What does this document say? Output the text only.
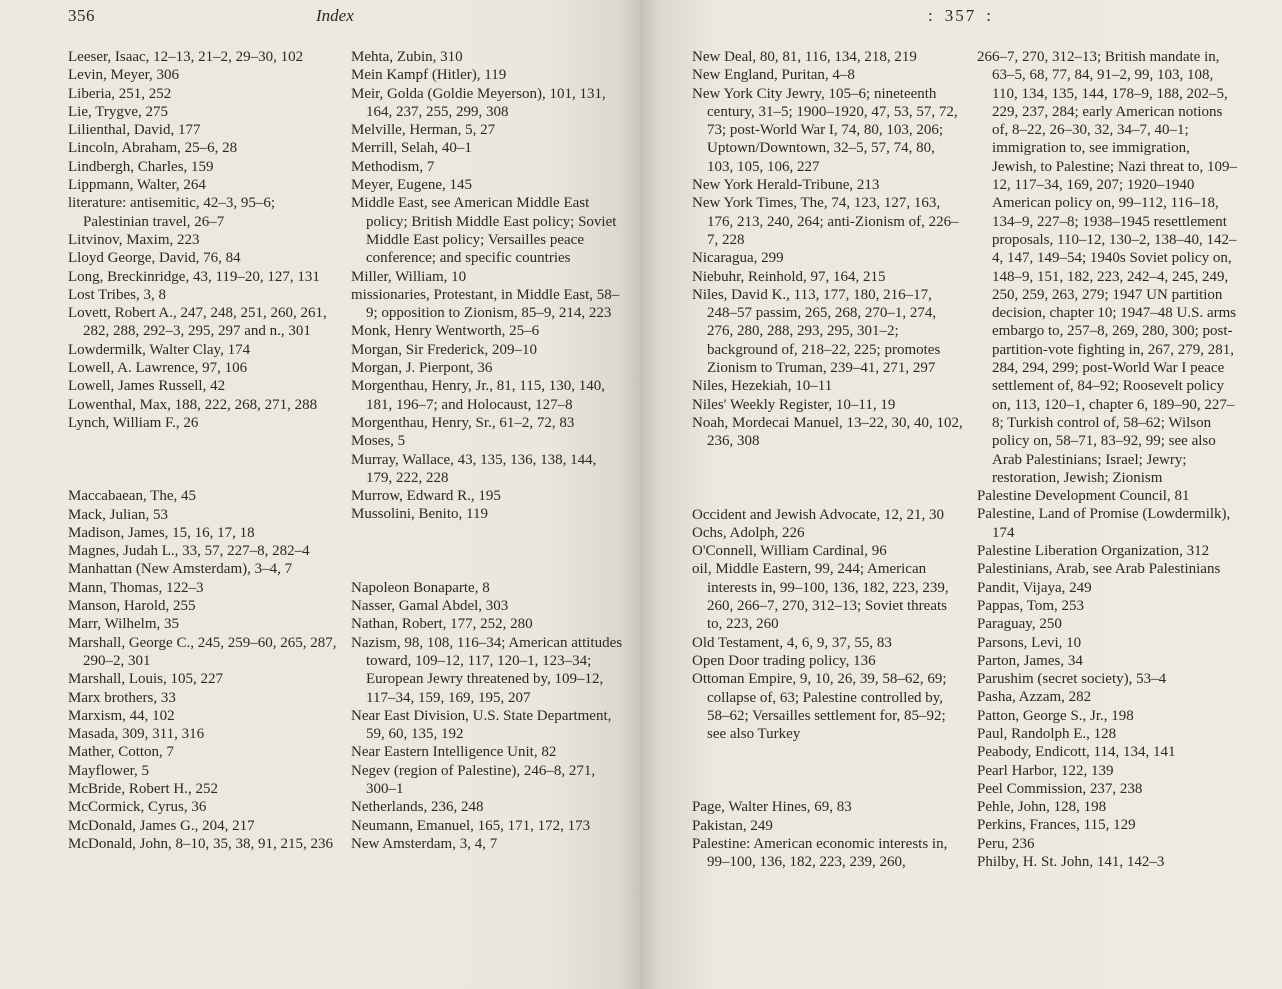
356	Index
Leeser, Isaac, 12–13, 21–2, 29–30, 102
Levin, Meyer, 306
Liberia, 251, 252
Lie, Trygve, 275
Lilienthal, David, 177
Lincoln, Abraham, 25–6, 28
Lindbergh, Charles, 159
Lippmann, Walter, 264
literature: antisemitic, 42–3, 95–6; Palestinian travel, 26–7
Litvinov, Maxim, 223
Lloyd George, David, 76, 84
Long, Breckinridge, 43, 119–20, 127, 131
Lost Tribes, 3, 8
Lovett, Robert A., 247, 248, 251, 260, 261, 282, 288, 292–3, 295, 297 and n., 301
Lowdermilk, Walter Clay, 174
Lowell, A. Lawrence, 97, 106
Lowell, James Russell, 42
Lowenthal, Max, 188, 222, 268, 271, 288
Lynch, William F., 26
Maccabaean, The, 45
Mack, Julian, 53
Madison, James, 15, 16, 17, 18
Magnes, Judah L., 33, 57, 227–8, 282–4
Manhattan (New Amsterdam), 3–4, 7
Mann, Thomas, 122–3
Manson, Harold, 255
Marr, Wilhelm, 35
Marshall, George C., 245, 259–60, 265, 287, 290–2, 301
Marshall, Louis, 105, 227
Marx brothers, 33
Marxism, 44, 102
Masada, 309, 311, 316
Mather, Cotton, 7
Mayflower, 5
McBride, Robert H., 252
McCormick, Cyrus, 36
McDonald, James G., 204, 217
McDonald, John, 8–10, 35, 38, 91, 215, 236
Mehta, Zubin, 310
Mein Kampf (Hitler), 119
Meir, Golda (Goldie Meyerson), 101, 131, 164, 237, 255, 299, 308
Melville, Herman, 5, 27
Merrill, Selah, 40–1
Methodism, 7
Meyer, Eugene, 145
Middle East, see American Middle East policy; British Middle East policy; Soviet Middle East policy; Versailles peace conference; and specific countries
Miller, William, 10
missionaries, Protestant, in Middle East, 58–9; opposition to Zionism, 85–9, 214, 223
Monk, Henry Wentworth, 25–6
Morgan, Sir Frederick, 209–10
Morgan, J. Pierpont, 36
Morgenthau, Henry, Jr., 81, 115, 130, 140, 181, 196–7; and Holocaust, 127–8
Morgenthau, Henry, Sr., 61–2, 72, 83
Moses, 5
Murray, Wallace, 43, 135, 136, 138, 144, 179, 222, 228
Murrow, Edward R., 195
Mussolini, Benito, 119
Napoleon Bonaparte, 8
Nasser, Gamal Abdel, 303
Nathan, Robert, 177, 252, 280
Nazism, 98, 108, 116–34; American attitudes toward, 109–12, 117, 120–1, 123–34; European Jewry threatened by, 109–12, 117–34, 159, 169, 195, 207
Near East Division, U.S. State Department, 59, 60, 135, 192
Near Eastern Intelligence Unit, 82
Negev (region of Palestine), 246–8, 271, 300–1
Netherlands, 236, 248
Neumann, Emanuel, 165, 171, 172, 173
New Amsterdam, 3, 4, 7
: 357 :
New Deal, 80, 81, 116, 134, 218, 219
New England, Puritan, 4–8
New York City Jewry, 105–6; nineteenth century, 31–5; 1900–1920, 47, 53, 57, 72, 73; post-World War I, 74, 80, 103, 206; Uptown/Downtown, 32–5, 57, 74, 80, 103, 105, 106, 227
New York Herald-Tribune, 213
New York Times, The, 74, 123, 127, 163, 176, 213, 240, 264; anti-Zionism of, 226–7, 228
Nicaragua, 299
Niebuhr, Reinhold, 97, 164, 215
Niles, David K., 113, 177, 180, 216–17, 248–57 passim, 265, 268, 270–1, 274, 276, 280, 288, 293, 295, 301–2; background of, 218–22, 225; promotes Zionism to Truman, 239–41, 271, 297
Niles, Hezekiah, 10–11
Niles' Weekly Register, 10–11, 19
Noah, Mordecai Manuel, 13–22, 30, 40, 102, 236, 308
Occident and Jewish Advocate, 12, 21, 30
Ochs, Adolph, 226
O'Connell, William Cardinal, 96
oil, Middle Eastern, 99, 244; American interests in, 99–100, 136, 182, 223, 239, 260, 266–7, 270, 312–13; Soviet threats to, 223, 260
Old Testament, 4, 6, 9, 37, 55, 83
Open Door trading policy, 136
Ottoman Empire, 9, 10, 26, 39, 58–62, 69; collapse of, 63; Palestine controlled by, 58–62; Versailles settlement for, 85–92; see also Turkey
Page, Walter Hines, 69, 83
Pakistan, 249
Palestine: American economic interests in, 99–100, 136, 182, 223, 239, 260,
266–7, 270, 312–13; British mandate in, 63–5, 68, 77, 84, 91–2, 99, 103, 108, 110, 134, 135, 144, 178–9, 188, 202–5, 229, 237, 284; early American notions of, 8–22, 26–30, 32, 34–7, 40–1; immigration to, see immigration, Jewish, to Palestine; Nazi threat to, 109–12, 117–34, 169, 207; 1920–1940 American policy on, 99–112, 116–18, 134–9, 227–8; 1938–1945 resettlement proposals, 110–12, 130–2, 138–40, 142–4, 147, 149–54; 1940s Soviet policy on, 148–9, 151, 182, 223, 242–4, 245, 249, 250, 259, 263, 279; 1947 UN partition decision, chapter 10; 1947–48 U.S. arms embargo to, 257–8, 269, 280, 300; post-partition-vote fighting in, 267, 279, 281, 284, 294, 299; post-World War I peace settlement of, 84–92; Roosevelt policy on, 113, 120–1, chapter 6, 189–90, 227–8; Turkish control of, 58–62; Wilson policy on, 58–71, 83–92, 99; see also Arab Palestinians; Israel; Jewry; restoration, Jewish; Zionism
Palestine Development Council, 81
Palestine, Land of Promise (Lowdermilk), 174
Palestine Liberation Organization, 312
Palestinians, Arab, see Arab Palestinians
Pandit, Vijaya, 249
Pappas, Tom, 253
Paraguay, 250
Parsons, Levi, 10
Parton, James, 34
Parushim (secret society), 53–4
Pasha, Azzam, 282
Patton, George S., Jr., 198
Paul, Randolph E., 128
Peabody, Endicott, 114, 134, 141
Pearl Harbor, 122, 139
Peel Commission, 237, 238
Pehle, John, 128, 198
Perkins, Frances, 115, 129
Peru, 236
Philby, H. St. John, 141, 142–3
